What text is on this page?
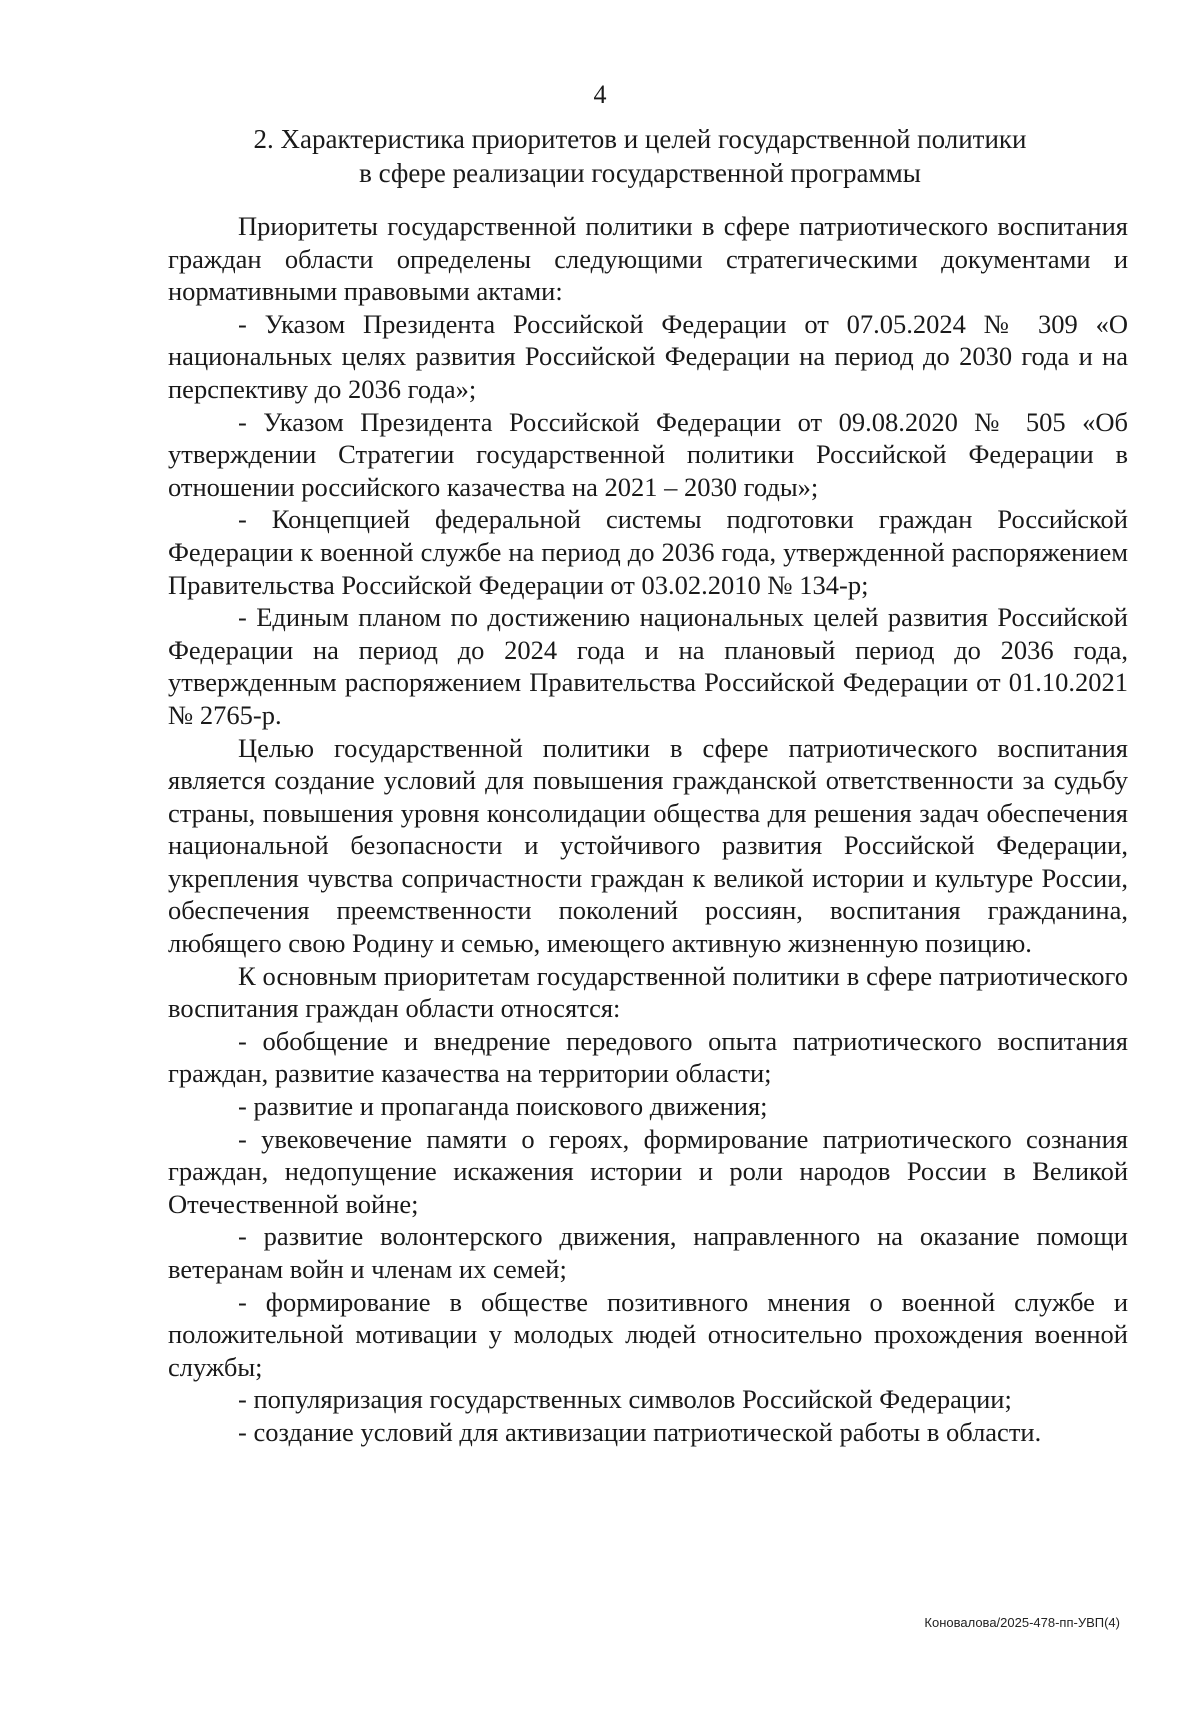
4
2. Характеристика приоритетов и целей государственной политики
в сфере реализации государственной программы

Приоритеты государственной политики в сфере патриотического воспитания граждан области определены следующими стратегическими документами и нормативными правовыми актами:

- Указом Президента Российской Федерации от 07.05.2024 № 309 «О национальных целях развития Российской Федерации на период до 2030 года и на перспективу до 2036 года»;

- Указом Президента Российской Федерации от 09.08.2020 № 505 «Об утверждении Стратегии государственной политики Российской Федерации в отношении российского казачества на 2021 – 2030 годы»;

- Концепцией федеральной системы подготовки граждан Российской Федерации к военной службе на период до 2036 года, утвержденной распоряжением Правительства Российской Федерации от 03.02.2010 № 134-р;

- Единым планом по достижению национальных целей развития Российской Федерации на период до 2024 года и на плановый период до 2036 года, утвержденным распоряжением Правительства Российской Федерации от 01.10.2021 № 2765-р.

Целью государственной политики в сфере патриотического воспитания является создание условий для повышения гражданской ответственности за судьбу страны, повышения уровня консолидации общества для решения задач обеспечения национальной безопасности и устойчивого развития Российской Федерации, укрепления чувства сопричастности граждан к великой истории и культуре России, обеспечения преемственности поколений россиян, воспитания гражданина, любящего свою Родину и семью, имеющего активную жизненную позицию.

К основным приоритетам государственной политики в сфере патриотического воспитания граждан области относятся:

- обобщение и внедрение передового опыта патриотического воспитания граждан, развитие казачества на территории области;

- развитие и пропаганда поискового движения;

- увековечение памяти о героях, формирование патриотического сознания граждан, недопущение искажения истории и роли народов России в Великой Отечественной войне;

- развитие волонтерского движения, направленного на оказание помощи ветеранам войн и членам их семей;

- формирование в обществе позитивного мнения о военной службе и положительной мотивации у молодых людей относительно прохождения военной службы;

- популяризация государственных символов Российской Федерации;

- создание условий для активизации патриотической работы в области.

Коновалова/2025-478-пп-УВП(4)
